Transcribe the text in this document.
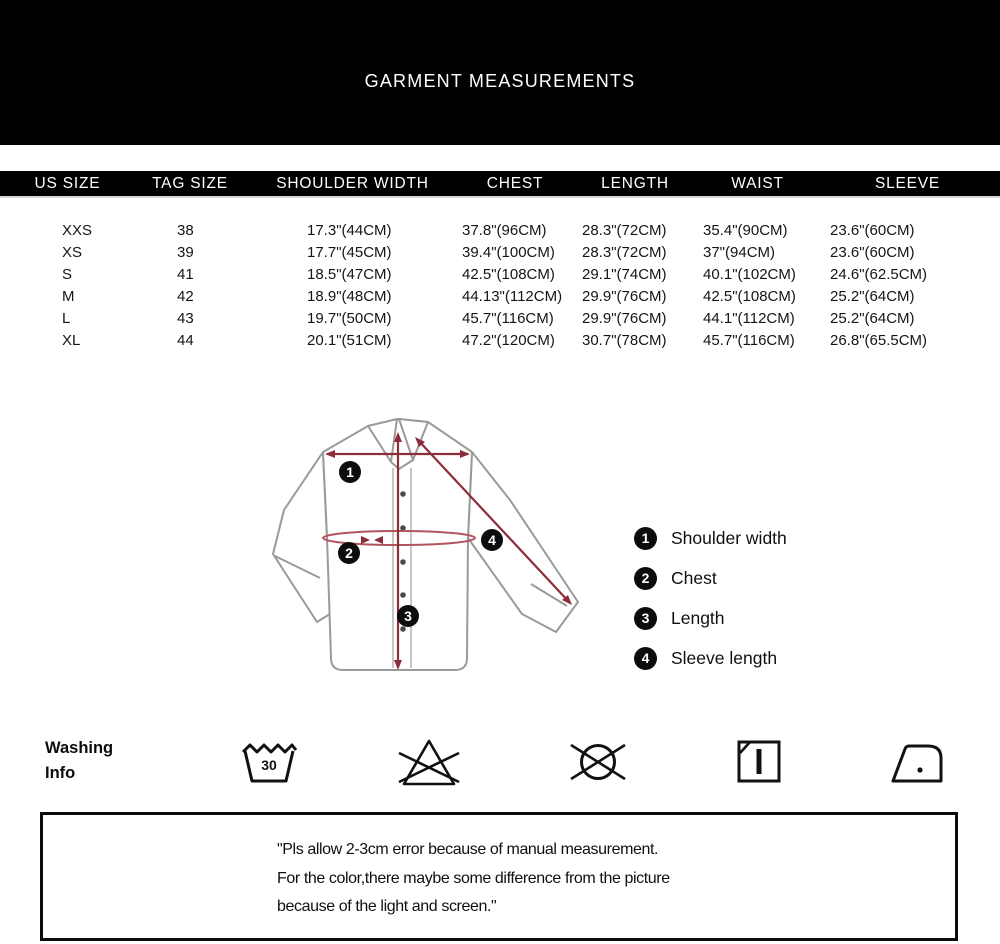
GARMENT MEASUREMENTS
US SIZE	TAG SIZE	SHOULDER WIDTH	CHEST	LENGTH	WAIST	SLEEVE
XXS	38	17.3"(44CM)	37.8"(96CM)	28.3"(72CM)	35.4"(90CM)	23.6"(60CM)
XS	39	17.7"(45CM)	39.4"(100CM)	28.3"(72CM)	37"(94CM)	23.6"(60CM)
S	41	18.5"(47CM)	42.5"(108CM)	29.1"(74CM)	40.1"(102CM)	24.6"(62.5CM)
M	42	18.9"(48CM)	44.13"(112CM)	29.9"(76CM)	42.5"(108CM)	25.2"(64CM)
L	43	19.7"(50CM)	45.7"(116CM)	29.9"(76CM)	44.1"(112CM)	25.2"(64CM)
XL	44	20.1"(51CM)	47.2"(120CM)	30.7"(78CM)	45.7"(116CM)	26.8"(65.5CM)
1
2
3
4	1	Shoulder width
2	Chest
3	Length
4	Sleeve length
Washing
Info	30
"Pls allow 2-3cm error because of manual measurement.
For the color,there maybe some difference from the picture
because of the light and screen."
